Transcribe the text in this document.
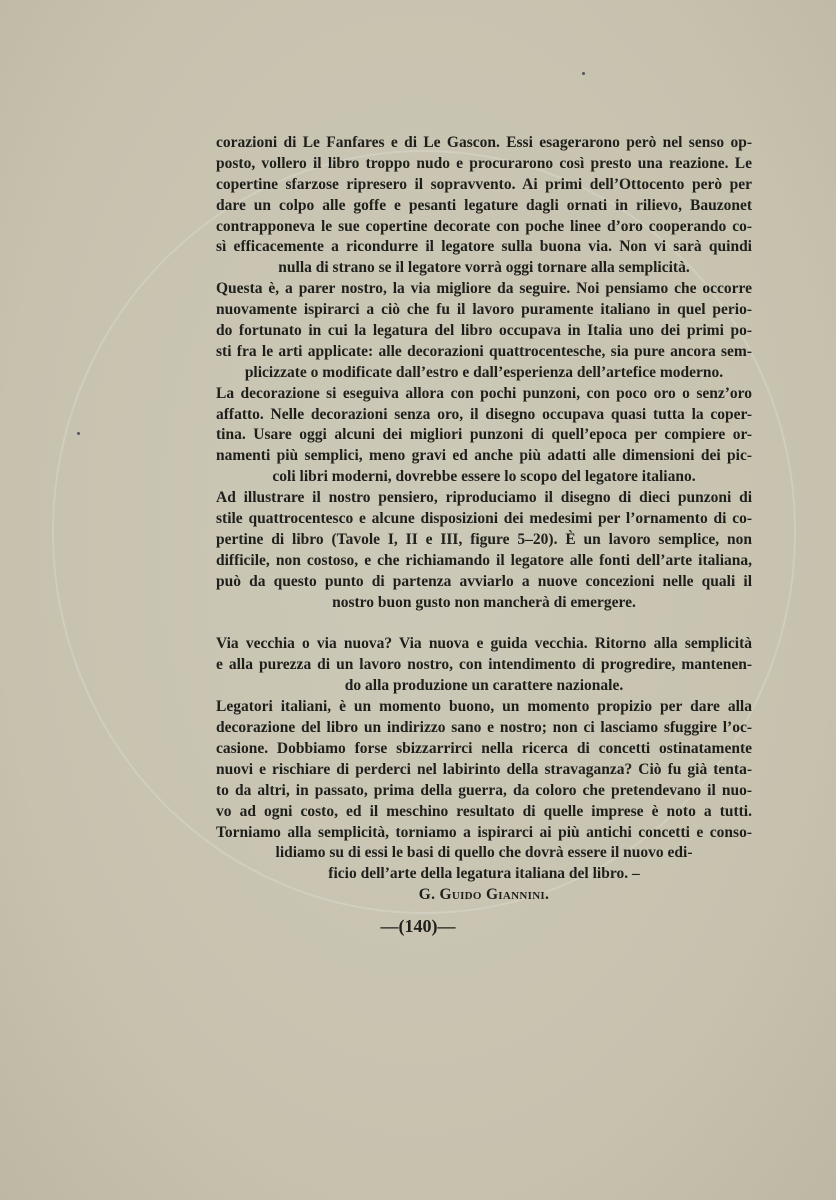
corazioni di Le Fanfares e di Le Gascon. Essi esagerarono però nel senso op-
posto, vollero il libro troppo nudo e procurarono così presto una reazione. Le
copertine sfarzose ripresero il sopravvento. Ai primi dell’Ottocento però per
dare un colpo alle goffe e pesanti legature dagli ornati in rilievo, Bauzonet
contrapponeva le sue copertine decorate con poche linee d’oro cooperando co-
sì efficacemente a ricondurre il legatore sulla buona via. Non vi sarà quindi
nulla di strano se il legatore vorrà oggi tornare alla semplicità.
Questa è, a parer nostro, la via migliore da seguire. Noi pensiamo che occorre
nuovamente ispirarci a ciò che fu il lavoro puramente italiano in quel perio-
do fortunato in cui la legatura del libro occupava in Italia uno dei primi po-
sti fra le arti applicate: alle decorazioni quattrocentesche, sia pure ancora sem-
plicizzate o modificate dall’estro e dall’esperienza dell’artefice moderno.
La decorazione si eseguiva allora con pochi punzoni, con poco oro o senz’oro
affatto. Nelle decorazioni senza oro, il disegno occupava quasi tutta la coper-
tina. Usare oggi alcuni dei migliori punzoni di quell’epoca per compiere or-
namenti più semplici, meno gravi ed anche più adatti alle dimensioni dei pic-
coli libri moderni, dovrebbe essere lo scopo del legatore italiano.
Ad illustrare il nostro pensiero, riproduciamo il disegno di dieci punzoni di
stile quattrocentesco e alcune disposizioni dei medesimi per l’ornamento di co-
pertine di libro (Tavole I, II e III, figure 5–20). È un lavoro semplice, non
difficile, non costoso, e che richiamando il legatore alle fonti dell’arte italiana,
può da questo punto di partenza avviarlo a nuove concezioni nelle quali il
nostro buon gusto non mancherà di emergere.
Via vecchia o via nuova? Via nuova e guida vecchia. Ritorno alla semplicità
e alla purezza di un lavoro nostro, con intendimento di progredire, mantenen-
do alla produzione un carattere nazionale.
Legatori italiani, è un momento buono, un momento propizio per dare alla
decorazione del libro un indirizzo sano e nostro; non ci lasciamo sfuggire l’oc-
casione. Dobbiamo forse sbizzarrirci nella ricerca di concetti ostinatamente
nuovi e rischiare di perderci nel labirinto della stravaganza? Ciò fu già tenta-
to da altri, in passato, prima della guerra, da coloro che pretendevano il nuo-
vo ad ogni costo, ed il meschino resultato di quelle imprese è noto a tutti.
Torniamo alla semplicità, torniamo a ispirarci ai più antichi concetti e conso-
lidiamo su di essi le basi di quello che dovrà essere il nuovo edi-
ficio dell’arte della legatura italiana del libro. –
G. Guido Giannini.
—(140)—
